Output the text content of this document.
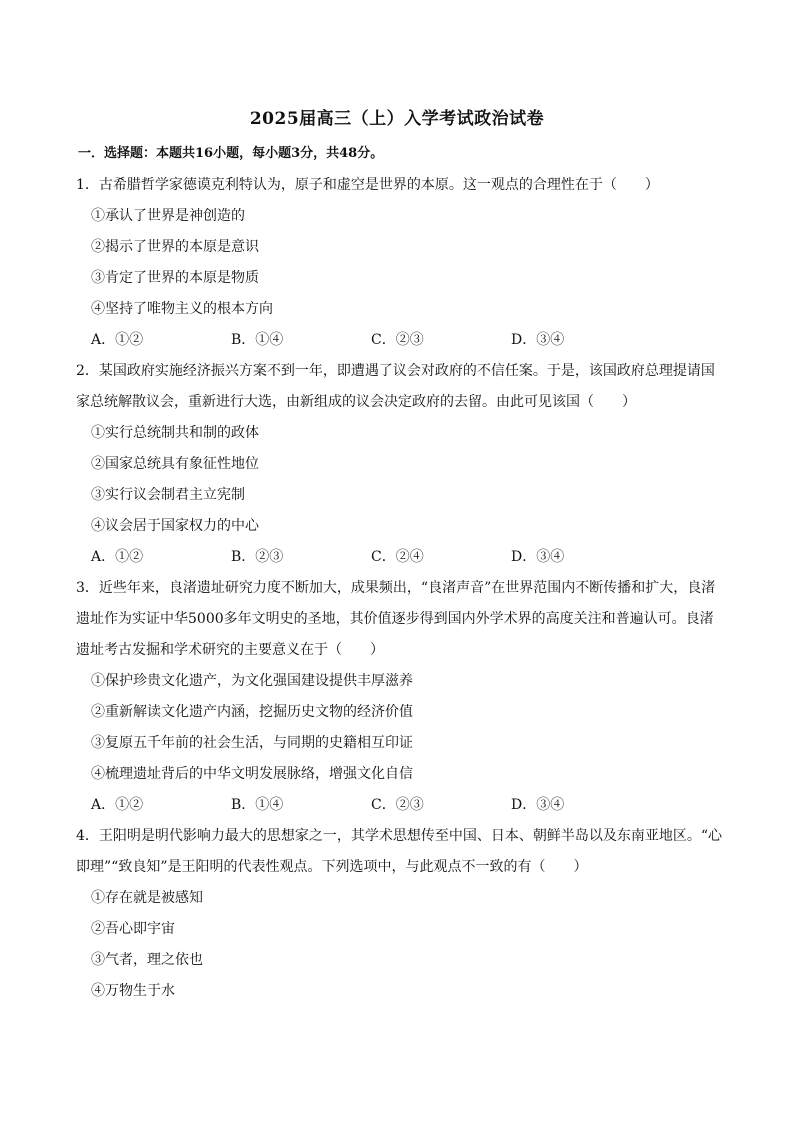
2025届高三（上）入学考试政治试卷
一．选择题：本题共16小题，每小题3分，共48分。

1．古希腊哲学家德谟克利特认为，原子和虚空是世界的本原。这一观点的合理性在于（　　）

①承认了世界是神创造的

②揭示了世界的本原是意识

③肯定了世界的本原是物质

④坚持了唯物主义的根本方向

A．①②	B．①④	C．②③	D．③④

2．某国政府实施经济振兴方案不到一年，即遭遇了议会对政府的不信任案。于是，该国政府总理提请国家总统解散议会，重新进行大选，由新组成的议会决定政府的去留。由此可见该国（　　）

①实行总统制共和制的政体

②国家总统具有象征性地位

③实行议会制君主立宪制

④议会居于国家权力的中心

A．①②	B．②③	C．②④	D．③④

3．近些年来，良渚遗址研究力度不断加大，成果频出，“良渚声音”在世界范围内不断传播和扩大，良渚遗址作为实证中华5000多年文明史的圣地，其价值逐步得到国内外学术界的高度关注和普遍认可。良渚遗址考古发掘和学术研究的主要意义在于（　　）

①保护珍贵文化遗产，为文化强国建设提供丰厚滋养

②重新解读文化遗产内涵，挖掘历史文物的经济价值

③复原五千年前的社会生活，与同期的史籍相互印证

④梳理遗址背后的中华文明发展脉络，增强文化自信

A．①②	B．①④	C．②③	D．③④

4．王阳明是明代影响力最大的思想家之一，其学术思想传至中国、日本、朝鲜半岛以及东南亚地区。“心即理”“致良知”是王阳明的代表性观点。下列选项中，与此观点不一致的有（　　）

①存在就是被感知

②吾心即宇宙

③气者，理之依也

④万物生于水
